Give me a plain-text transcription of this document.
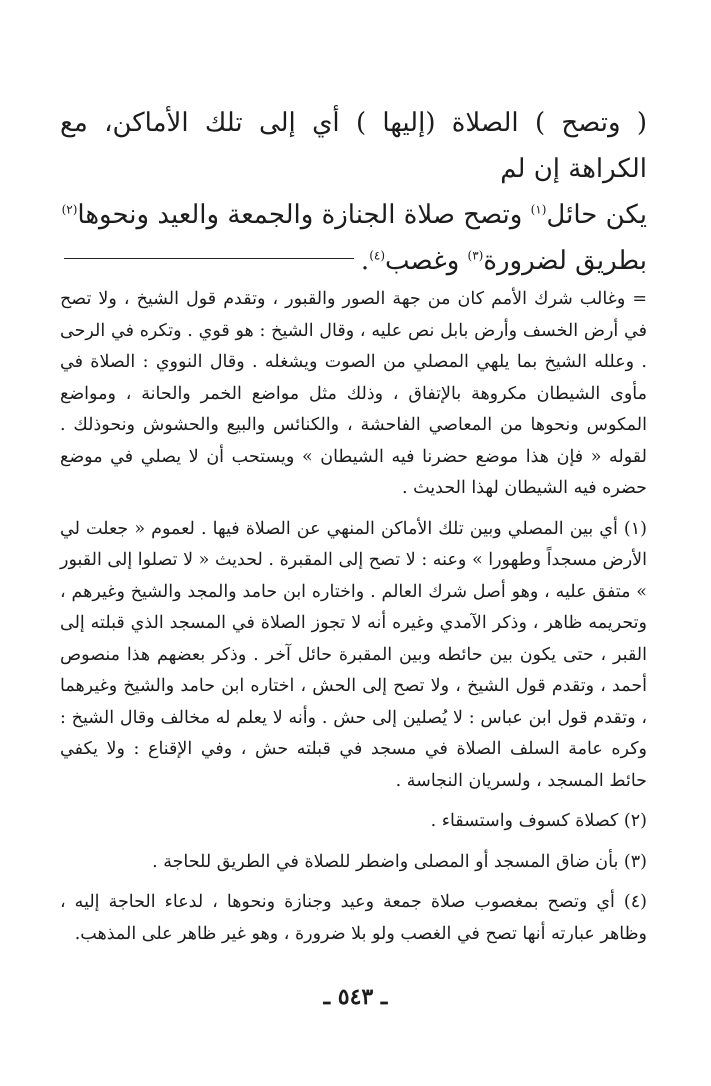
( وتصح ) الصلاة (إليها ) أي إلى تلك الأماكن، مع الكراهة إن لم

يكن حائل$^{(١)}$ وتصح صلاة الجنازة والجمعة والعيد ونحوها$^{(٢)}$

بطريق لضرورة$^{(٣)}$ وغصب$^{(٤)}$.

= وغالب شرك الأمم كان من جهة الصور والقبور ، وتقدم قول الشيخ ، ولا تصح في أرض الخسف وأرض بابل نص عليه ، وقال الشيخ : هو قوي . وتكره في الرحى . وعلله الشيخ بما يلهي المصلي من الصوت ويشغله . وقال النووي : الصلاة في مأوى الشيطان مكروهة بالإتفاق ، وذلك مثل مواضع الخمر والحانة ، ومواضع المكوس ونحوها من المعاصي الفاحشة ، والكنائس والبيع والحشوش ونحوذلك . لقوله « فإن هذا موضع حضرنا فيه الشيطان » ويستحب أن لا يصلي في موضع حضره فيه الشيطان لهذا الحديث .

(١) أي بين المصلي وبين تلك الأماكن المنهي عن الصلاة فيها . لعموم « جعلت لي الأرض مسجداً وطهورا » وعنه : لا تصح إلى المقبرة . لحديث « لا تصلوا إلى القبور » متفق عليه ، وهو أصل شرك العالم . واختاره ابن حامد والمجد والشيخ وغيرهم ، وتحريمه ظاهر ، وذكر الآمدي وغيره أنه لا تجوز الصلاة في المسجد الذي قبلته إلى القبر ، حتى يكون بين حائطه وبين المقبرة حائل آخر . وذكر بعضهم هذا منصوص أحمد ، وتقدم قول الشيخ ، ولا تصح إلى الحش ، اختاره ابن حامد والشيخ وغيرهما ، وتقدم قول ابن عباس : لا يُصلين إلى حش . وأنه لا يعلم له مخالف وقال الشيخ : وكره عامة السلف الصلاة في مسجد في قبلته حش ، وفي الإقناع : ولا يكفي حائط المسجد ، ولسريان النجاسة .

(٢) كصلاة كسوف واستسقاء .

(٣) بأن ضاق المسجد أو المصلى واضطر للصلاة في الطريق للحاجة .

(٤) أي وتصح بمغصوب صلاة جمعة وعيد وجنازة ونحوها ، لدعاء الحاجة إليه ، وظاهر عبارته أنها تصح في الغصب ولو بلا ضرورة ، وهو غير ظاهر على المذهب.

ـ ٥٤٣ ـ
